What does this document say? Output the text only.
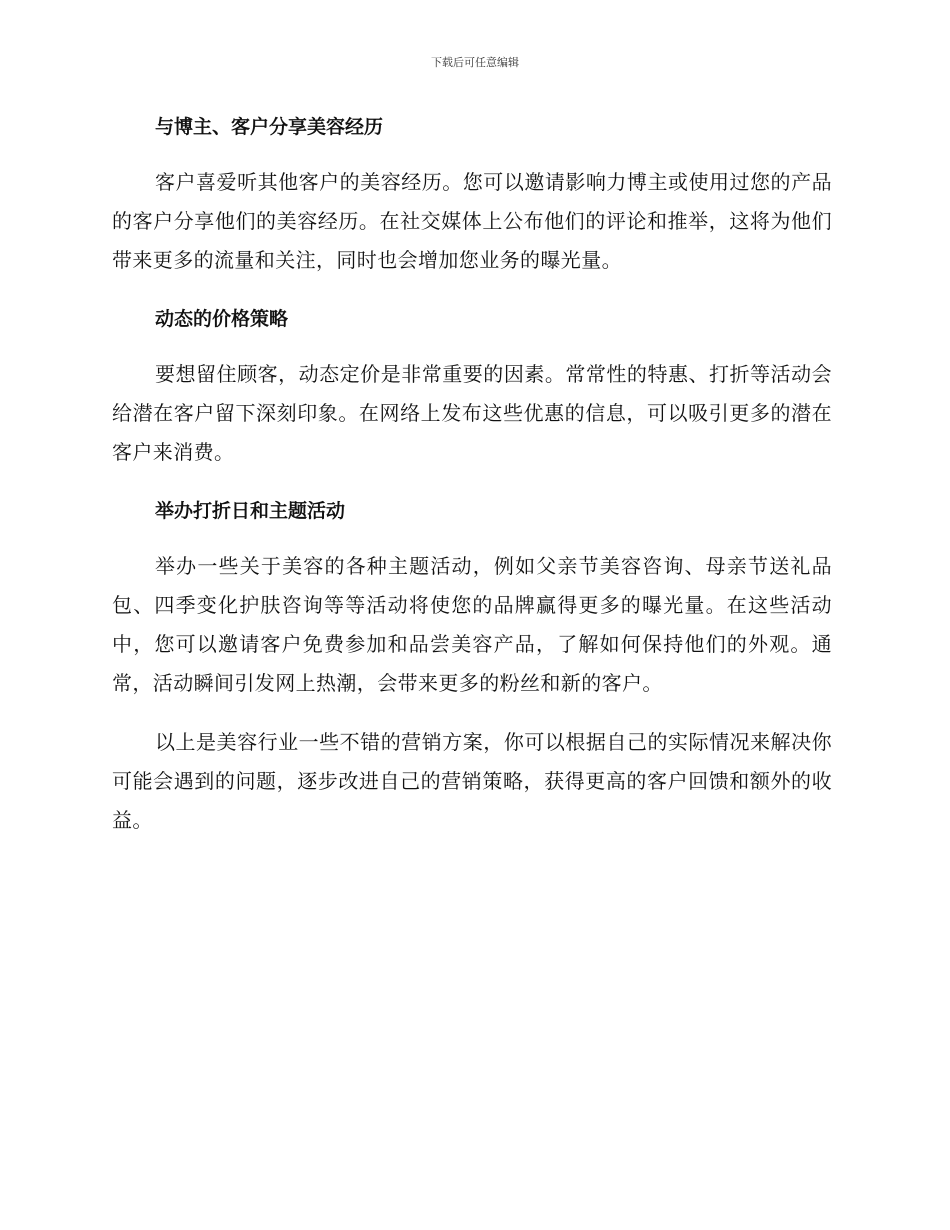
下载后可任意编辑
与博主、客户分享美容经历

客户喜爱听其他客户的美容经历。您可以邀请影响力博主或使用过您的产品的客户分享他们的美容经历。在社交媒体上公布他们的评论和推举，这将为他们带来更多的流量和关注，同时也会增加您业务的曝光量。

动态的价格策略

要想留住顾客，动态定价是非常重要的因素。常常性的特惠、打折等活动会给潜在客户留下深刻印象。在网络上发布这些优惠的信息，可以吸引更多的潜在客户来消费。

举办打折日和主题活动

举办一些关于美容的各种主题活动，例如父亲节美容咨询、母亲节送礼品包、四季变化护肤咨询等等活动将使您的品牌赢得更多的曝光量。在这些活动中，您可以邀请客户免费参加和品尝美容产品，了解如何保持他们的外观。通常，活动瞬间引发网上热潮，会带来更多的粉丝和新的客户。

以上是美容行业一些不错的营销方案，你可以根据自己的实际情况来解决你可能会遇到的问题，逐步改进自己的营销策略，获得更高的客户回馈和额外的收益。
